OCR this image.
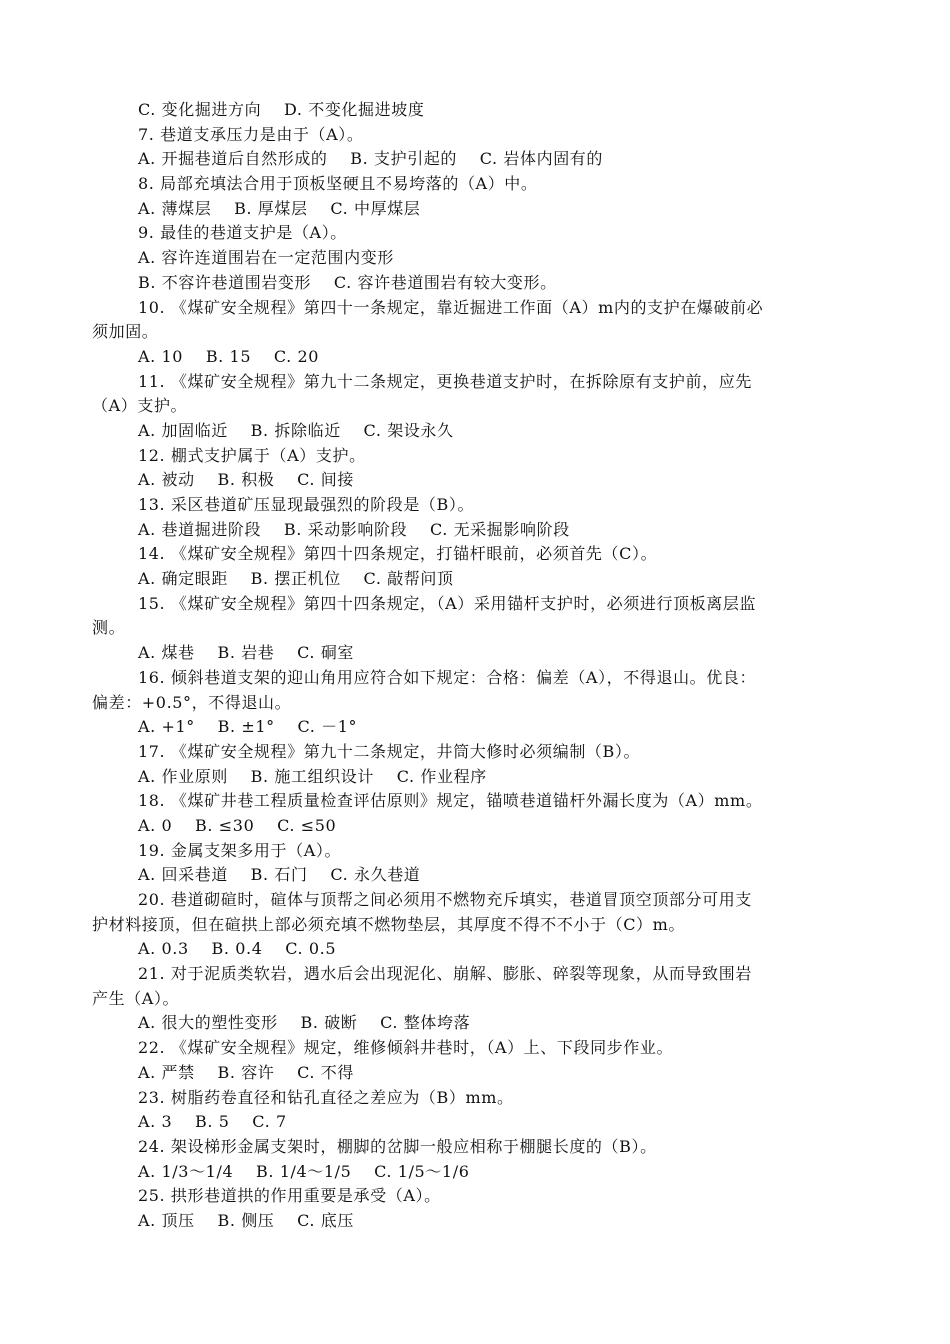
C. 变化掘进方向    D. 不变化掘进坡度
7. 巷道支承压力是由于（A）。
A. 开掘巷道后自然形成的    B. 支护引起的    C. 岩体内固有的
8. 局部充填法合用于顶板坚硬且不易垮落的（A）中。
A. 薄煤层    B. 厚煤层    C. 中厚煤层
9. 最佳的巷道支护是（A）。
A. 容许连道围岩在一定范围内变形
B. 不容许巷道围岩变形    C. 容许巷道围岩有较大变形。
10. 《煤矿安全规程》第四十一条规定，靠近掘进工作面（A）m内的支护在爆破前必
须加固。
A. 10    B. 15    C. 20
11. 《煤矿安全规程》第九十二条规定，更换巷道支护时，在拆除原有支护前，应先
（A）支护。
A. 加固临近    B. 拆除临近    C. 架设永久
12. 棚式支护属于（A）支护。
A. 被动    B. 积极    C. 间接
13. 采区巷道矿压显现最强烈的阶段是（B）。
A. 巷道掘进阶段    B. 采动影响阶段    C. 无采掘影响阶段
14. 《煤矿安全规程》第四十四条规定，打锚杆眼前，必须首先（C）。
A. 确定眼距    B. 摆正机位    C. 敲帮问顶
15. 《煤矿安全规程》第四十四条规定，（A）采用锚杆支护时，必须进行顶板离层监
测。
A. 煤巷    B. 岩巷    C. 硐室
16. 倾斜巷道支架的迎山角用应符合如下规定：合格：偏差（A），不得退山。优良：
偏差：+0.5°，不得退山。
A. +1°    B. ±1°    C. －1°
17. 《煤矿安全规程》第九十二条规定，井筒大修时必须编制（B）。
A. 作业原则    B. 施工组织设计    C. 作业程序
18. 《煤矿井巷工程质量检查评估原则》规定，锚喷巷道锚杆外漏长度为（A）mm。
A. 0    B. ≤30    C. ≤50
19. 金属支架多用于（A）。
A. 回采巷道    B. 石门    C. 永久巷道
20. 巷道砌碹时，碹体与顶帮之间必须用不燃物充斥填实，巷道冒顶空顶部分可用支
护材料接顶，但在碹拱上部必须充填不燃物垫层，其厚度不得不不小于（C）m。
A. 0.3    B. 0.4    C. 0.5
21. 对于泥质类软岩，遇水后会出现泥化、崩解、膨胀、碎裂等现象，从而导致围岩
产生（A）。
A. 很大的塑性变形    B. 破断    C. 整体垮落
22. 《煤矿安全规程》规定，维修倾斜井巷时，（A）上、下段同步作业。
A. 严禁    B. 容许    C. 不得
23. 树脂药卷直径和钻孔直径之差应为（B）mm。
A. 3    B. 5    C. 7
24. 架设梯形金属支架时，棚脚的岔脚一般应相称于棚腿长度的（B）。
A. 1/3～1/4    B. 1/4～1/5    C. 1/5～1/6
25. 拱形巷道拱的作用重要是承受（A）。
A. 顶压    B. 侧压    C. 底压
